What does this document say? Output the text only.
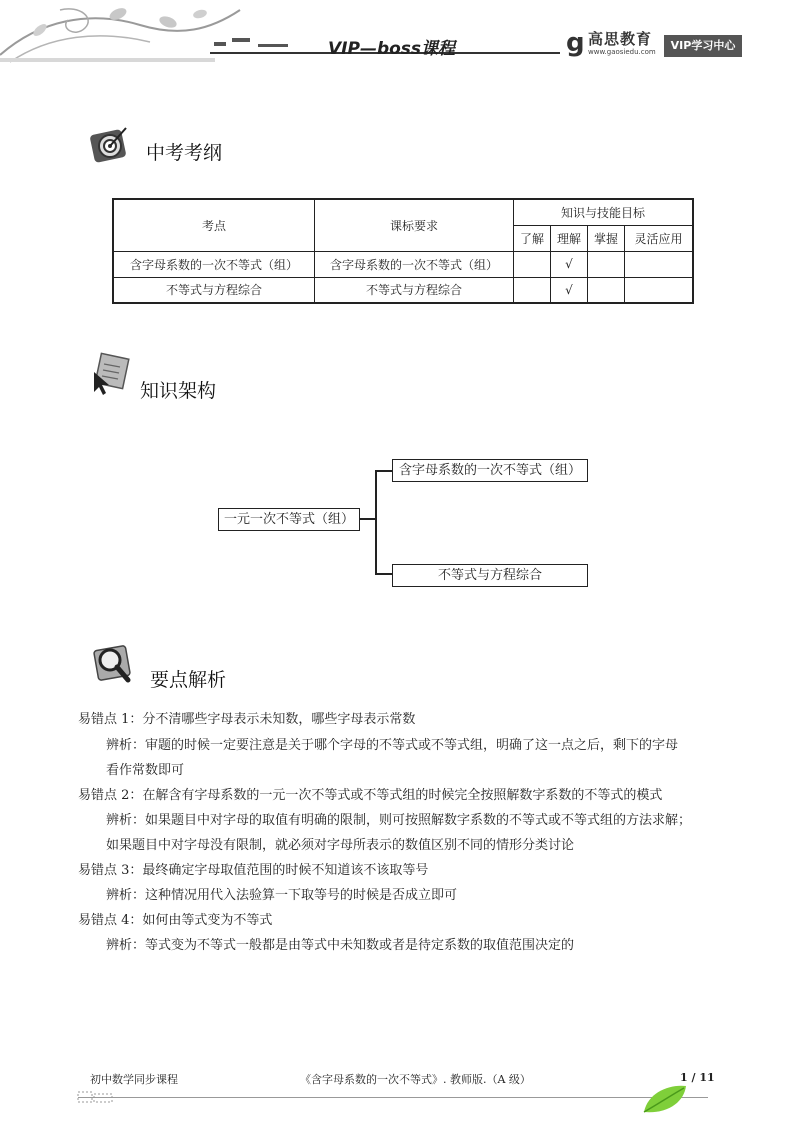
VIP—boss课程	g 高思教育
www.gaosiedu.com	VIP学习中心
中考考纲
考点	课标要求	知识与技能目标			
		了解	理解	掌握	灵活应用
含字母系数的一次不等式（组）	含字母系数的一次不等式（组）		√		
不等式与方程综合	不等式与方程综合		√		
知识架构
一元一次不等式（组）
含字母系数的一次不等式（组）
不等式与方程综合
要点解析
易错点 1：分不清哪些字母表示未知数，哪些字母表示常数
辨析：审题的时候一定要注意是关于哪个字母的不等式或不等式组，明确了这一点之后，剩下的字母
看作常数即可
易错点 2：在解含有字母系数的一元一次不等式或不等式组的时候完全按照解数字系数的不等式的模式
辨析：如果题目中对字母的取值有明确的限制，则可按照解数字系数的不等式或不等式组的方法求解；
如果题目中对字母没有限制，就必须对字母所表示的数值区别不同的情形分类讨论
易错点 3：最终确定字母取值范围的时候不知道该不该取等号
辨析：这种情况用代入法验算一下取等号的时候是否成立即可
易错点 4：如何由等式变为不等式
辨析：等式变为不等式一般都是由等式中未知数或者是待定系数的取值范围决定的
初中数学同步课程	《含字母系数的一次不等式》. 教师版.（A 级）	1 / 11
